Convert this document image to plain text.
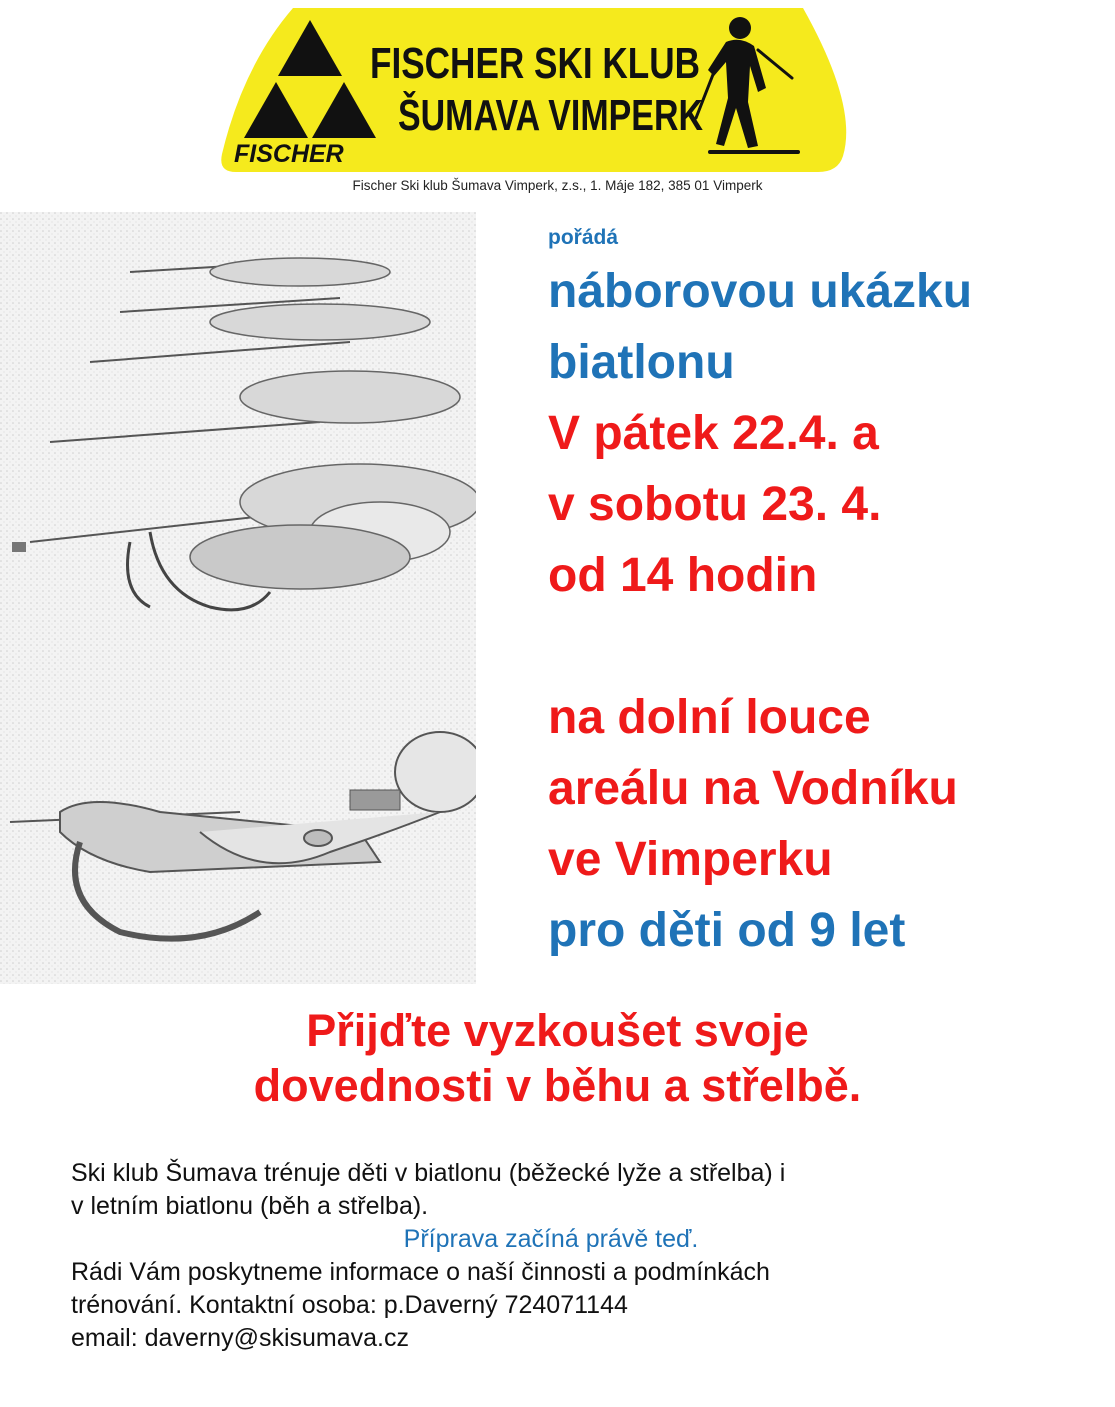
FISCHER
FISCHER SKI KLUB
ŠUMAVA VIMPERK
Fischer Ski klub Šumava Vimperk, z.s., 1. Máje 182, 385 01 Vimperk
pořádá
náborovou ukázku
biatlonu
V pátek 22.4. a
v sobotu 23. 4.
od 14 hodin
na dolní louce
areálu na Vodníku
ve Vimperku
pro děti od 9 let
Přijďte vyzkoušet svoje
dovednosti v běhu a střelbě.
Ski klub Šumava trénuje děti v biatlonu (běžecké lyže a střelba) i
v letním biatlonu (běh a střelba).
Příprava začíná právě teď.
Rádi Vám poskytneme informace o naší činnosti a podmínkách
trénování. Kontaktní osoba: p.Daverný 724071144
email: daverny@skisumava.cz
